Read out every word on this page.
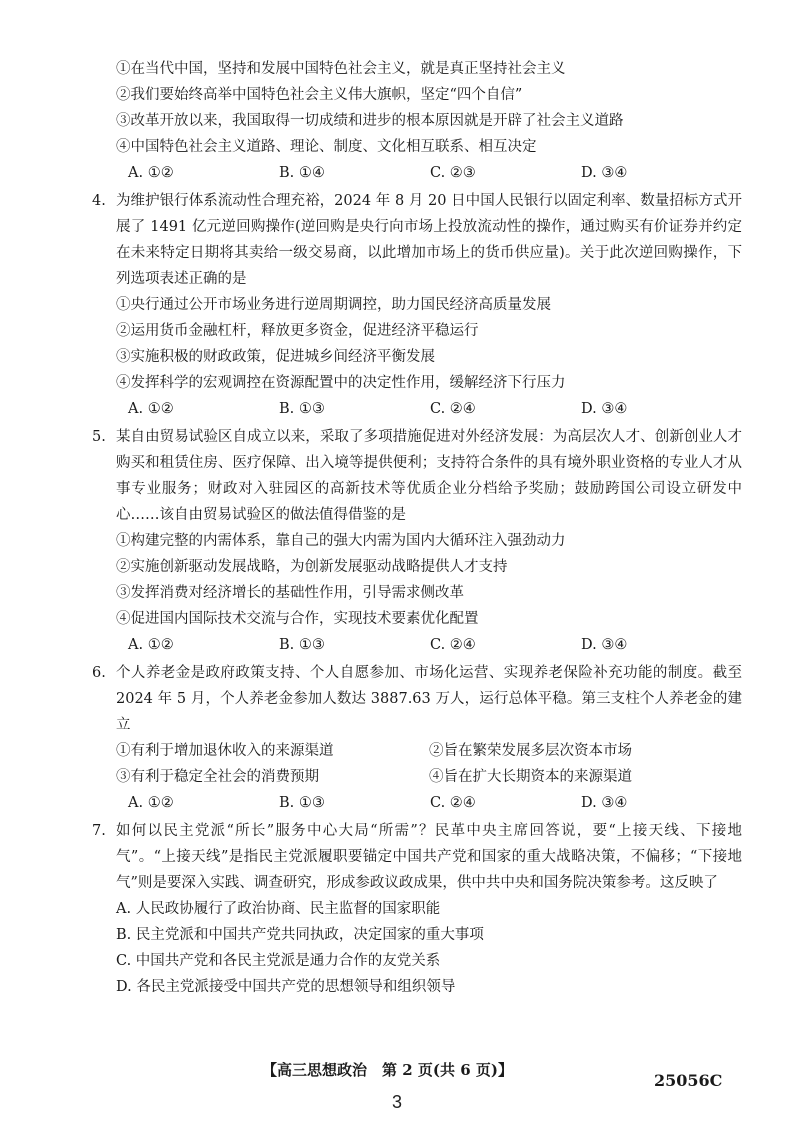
①在当代中国，坚持和发展中国特色社会主义，就是真正坚持社会主义
②我们要始终高举中国特色社会主义伟大旗帜，坚定“四个自信”
③改革开放以来，我国取得一切成绩和进步的根本原因就是开辟了社会主义道路
④中国特色社会主义道路、理论、制度、文化相互联系、相互决定
A. ①②	B. ①④	C. ②③	D. ③④
4. 为维护银行体系流动性合理充裕，2024 年 8 月 20 日中国人民银行以固定利率、数量招标方式开展了 1491 亿元逆回购操作(逆回购是央行向市场上投放流动性的操作，通过购买有价证券并约定在未来特定日期将其卖给一级交易商，以此增加市场上的货币供应量)。关于此次逆回购操作，下列选项表述正确的是
①央行通过公开市场业务进行逆周期调控，助力国民经济高质量发展
②运用货币金融杠杆，释放更多资金，促进经济平稳运行
③实施积极的财政政策，促进城乡间经济平衡发展
④发挥科学的宏观调控在资源配置中的决定性作用，缓解经济下行压力
A. ①②	B. ①③	C. ②④	D. ③④
5. 某自由贸易试验区自成立以来，采取了多项措施促进对外经济发展：为高层次人才、创新创业人才购买和租赁住房、医疗保障、出入境等提供便利；支持符合条件的具有境外职业资格的专业人才从事专业服务；财政对入驻园区的高新技术等优质企业分档给予奖励；鼓励跨国公司设立研发中心……该自由贸易试验区的做法值得借鉴的是
①构建完整的内需体系，靠自己的强大内需为国内大循环注入强劲动力
②实施创新驱动发展战略，为创新发展驱动战略提供人才支持
③发挥消费对经济增长的基础性作用，引导需求侧改革
④促进国内国际技术交流与合作，实现技术要素优化配置
A. ①②	B. ①③	C. ②④	D. ③④
6. 个人养老金是政府政策支持、个人自愿参加、市场化运营、实现养老保险补充功能的制度。截至 2024 年 5 月，个人养老金参加人数达 3887.63 万人，运行总体平稳。第三支柱个人养老金的建立
①有利于增加退休收入的来源渠道	②旨在繁荣发展多层次资本市场
③有利于稳定全社会的消费预期	④旨在扩大长期资本的来源渠道
A. ①②	B. ①③	C. ②④	D. ③④
7. 如何以民主党派“所长”服务中心大局“所需”？民革中央主席回答说，要“上接天线、下接地气”。“上接天线”是指民主党派履职要锚定中国共产党和国家的重大战略决策，不偏移；“下接地气”则是要深入实践、调查研究，形成参政议政成果，供中共中央和国务院决策参考。这反映了
A. 人民政协履行了政治协商、民主监督的国家职能
B. 民主党派和中国共产党共同执政，决定国家的重大事项
C. 中国共产党和各民主党派是通力合作的友党关系
D. 各民主党派接受中国共产党的思想领导和组织领导
【高三思想政治　第 2 页(共 6 页)】
25056C
3
